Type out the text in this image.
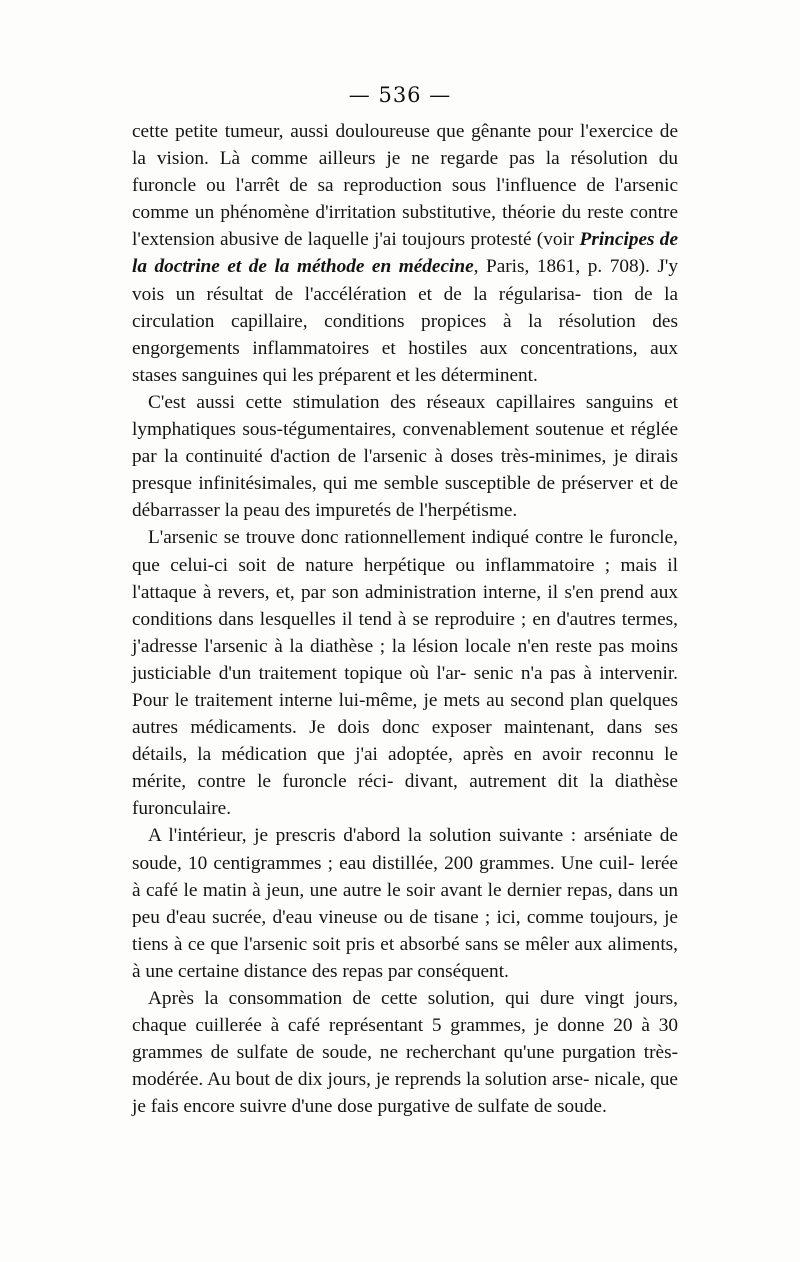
— 536 —

cette petite tumeur, aussi douloureuse que gênante pour l'exercice de la vision. Là comme ailleurs je ne regarde pas la résolution du furoncle ou l'arrêt de sa reproduction sous l'influence de l'arsenic comme un phénomène d'irritation substitutive, théorie du reste contre l'extension abusive de laquelle j'ai toujours protesté (voir Principes de la doctrine et de la méthode en médecine, Paris, 1861, p. 708). J'y vois un résultat de l'accélération et de la régularisa- tion de la circulation capillaire, conditions propices à la résolution des engorgements inflammatoires et hostiles aux concentrations, aux stases sanguines qui les préparent et les déterminent.

C'est aussi cette stimulation des réseaux capillaires sanguins et lymphatiques sous-tégumentaires, convenablement soutenue et réglée par la continuité d'action de l'arsenic à doses très-minimes, je dirais presque infinitésimales, qui me semble susceptible de préserver et de débarrasser la peau des impuretés de l'herpétisme.

L'arsenic se trouve donc rationnellement indiqué contre le furoncle, que celui-ci soit de nature herpétique ou inflammatoire ; mais il l'attaque à revers, et, par son administration interne, il s'en prend aux conditions dans lesquelles il tend à se reproduire ; en d'autres termes, j'adresse l'arsenic à la diathèse ; la lésion locale n'en reste pas moins justiciable d'un traitement topique où l'ar- senic n'a pas à intervenir. Pour le traitement interne lui-même, je mets au second plan quelques autres médicaments. Je dois donc exposer maintenant, dans ses détails, la médication que j'ai adoptée, après en avoir reconnu le mérite, contre le furoncle réci- divant, autrement dit la diathèse furonculaire.

A l'intérieur, je prescris d'abord la solution suivante : arséniate de soude, 10 centigrammes ; eau distillée, 200 grammes. Une cuil- lerée à café le matin à jeun, une autre le soir avant le dernier repas, dans un peu d'eau sucrée, d'eau vineuse ou de tisane ; ici, comme toujours, je tiens à ce que l'arsenic soit pris et absorbé sans se mêler aux aliments, à une certaine distance des repas par conséquent.

Après la consommation de cette solution, qui dure vingt jours, chaque cuillerée à café représentant 5 grammes, je donne 20 à 30 grammes de sulfate de soude, ne recherchant qu'une purgation très-modérée. Au bout de dix jours, je reprends la solution arse- nicale, que je fais encore suivre d'une dose purgative de sulfate de soude.
